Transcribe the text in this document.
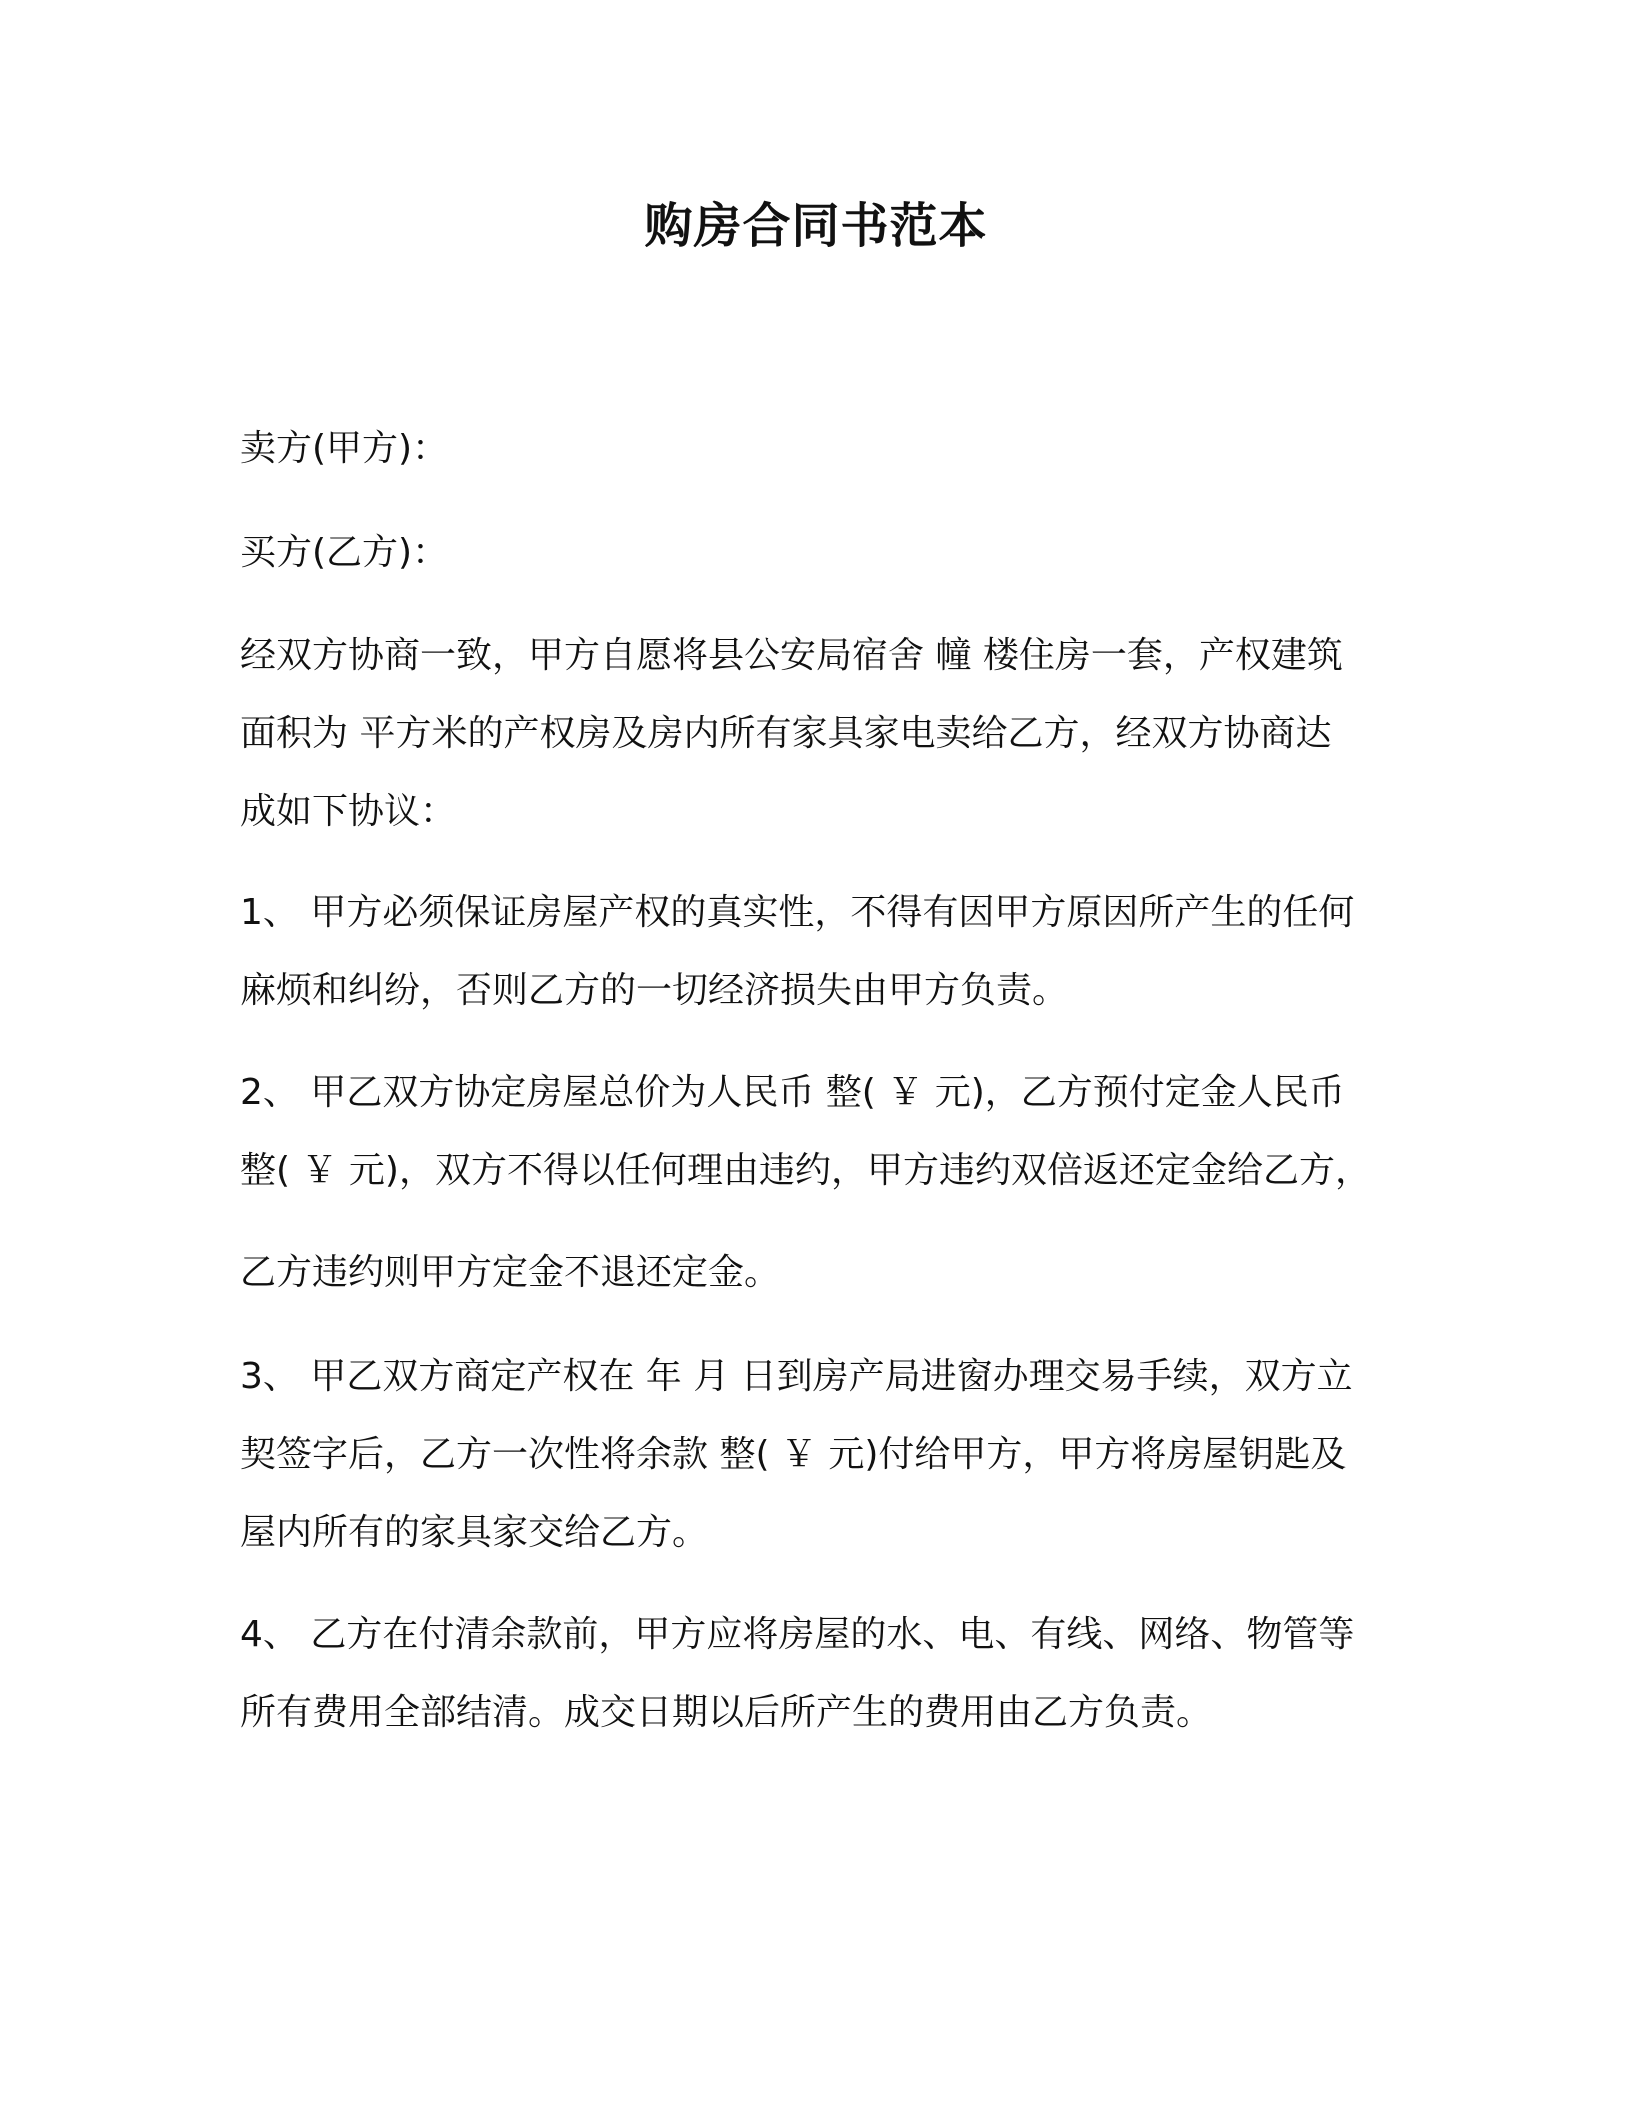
购房合同书范本

卖方(甲方)：

买方(乙方)：

经双方协商一致，甲方自愿将县公安局宿舍 幢 楼住房一套，产权建筑
面积为 平方米的产权房及房内所有家具家电卖给乙方，经双方协商达
成如下协议：

1、 甲方必须保证房屋产权的真实性，不得有因甲方原因所产生的任何
麻烦和纠纷，否则乙方的一切经济损失由甲方负责。

2、 甲乙双方协定房屋总价为人民币 整( ￥ 元)，乙方预付定金人民币
整( ￥ 元)，双方不得以任何理由违约，甲方违约双倍返还定金给乙方，

乙方违约则甲方定金不退还定金。

3、 甲乙双方商定产权在 年 月 日到房产局进窗办理交易手续，双方立
契签字后，乙方一次性将余款 整( ￥ 元)付给甲方，甲方将房屋钥匙及
屋内所有的家具家交给乙方。

4、 乙方在付清余款前，甲方应将房屋的水、电、有线、网络、物管等
所有费用全部结清。成交日期以后所产生的费用由乙方负责。
